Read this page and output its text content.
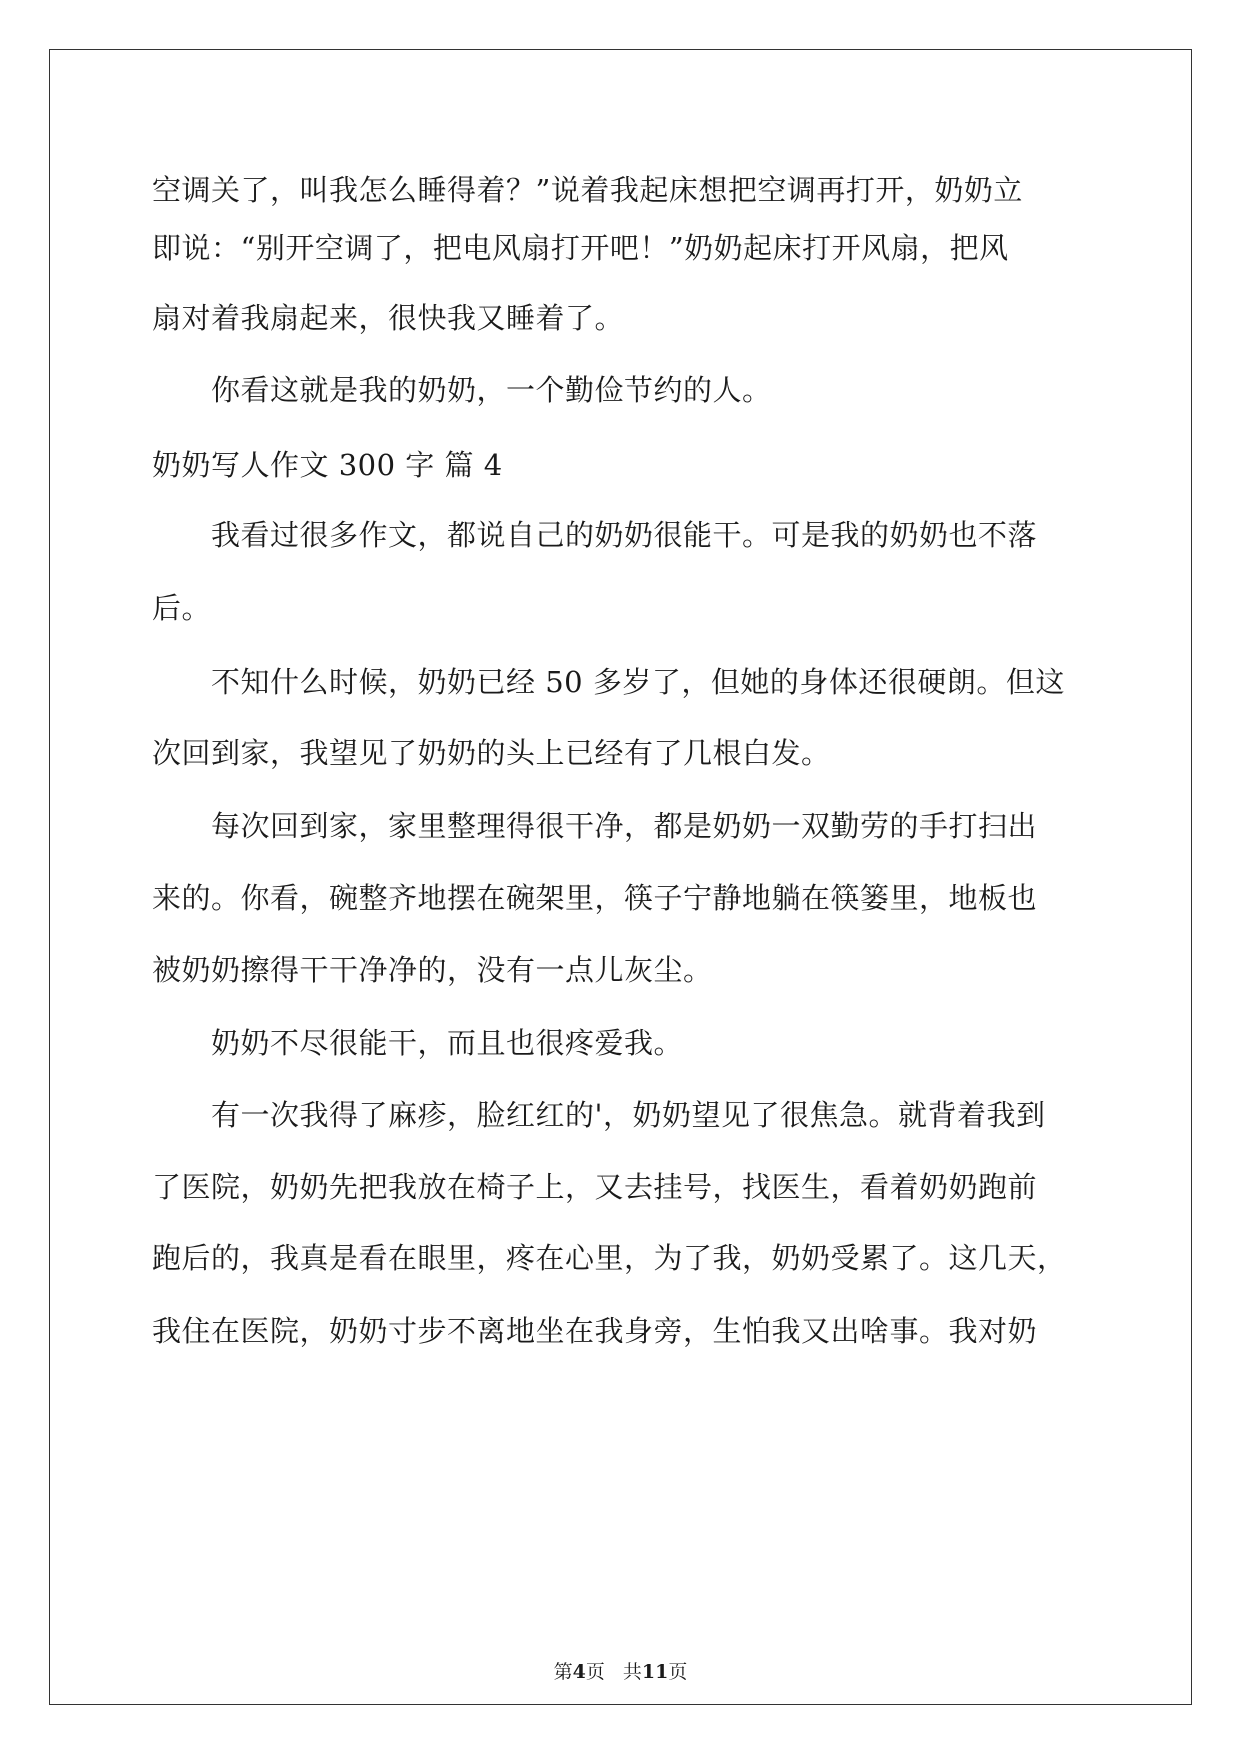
空调关了，叫我怎么睡得着？”说着我起床想把空调再打开，奶奶立
即说：“别开空调了，把电风扇打开吧！”奶奶起床打开风扇，把风
扇对着我扇起来，很快我又睡着了。
　　你看这就是我的奶奶，一个勤俭节约的人。
奶奶写人作文 300 字 篇 4
　　我看过很多作文，都说自己的奶奶很能干。可是我的奶奶也不落
后。
　　不知什么时候，奶奶已经 50 多岁了，但她的身体还很硬朗。但这
次回到家，我望见了奶奶的头上已经有了几根白发。
　　每次回到家，家里整理得很干净，都是奶奶一双勤劳的手打扫出
来的。你看，碗整齐地摆在碗架里，筷子宁静地躺在筷篓里，地板也
被奶奶擦得干干净净的，没有一点儿灰尘。
　　奶奶不尽很能干，而且也很疼爱我。
　　有一次我得了麻疹，脸红红的'，奶奶望见了很焦急。就背着我到
了医院，奶奶先把我放在椅子上，又去挂号，找医生，看着奶奶跑前
跑后的，我真是看在眼里，疼在心里，为了我，奶奶受累了。这几天，
我住在医院，奶奶寸步不离地坐在我身旁，生怕我又出啥事。我对奶
第4页 共11页
